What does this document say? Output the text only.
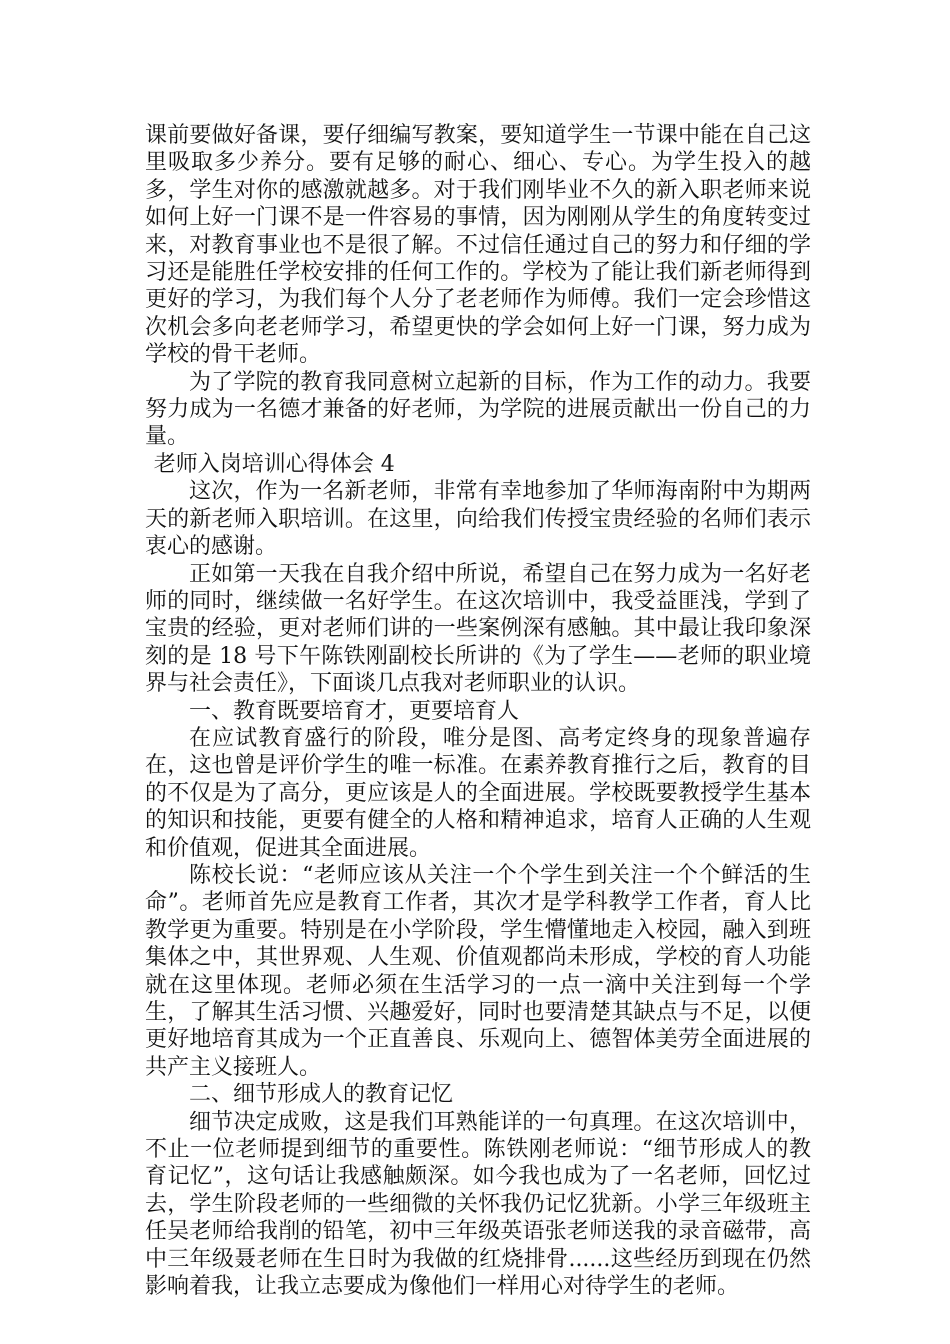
课前要做好备课，要仔细编写教案，要知道学生一节课中能在自己这里吸取多少养分。要有足够的耐心、细心、专心。为学生投入的越多，学生对你的感激就越多。对于我们刚毕业不久的新入职老师来说如何上好一门课不是一件容易的事情，因为刚刚从学生的角度转变过来，对教育事业也不是很了解。不过信任通过自己的努力和仔细的学习还是能胜任学校安排的任何工作的。学校为了能让我们新老师得到更好的学习，为我们每个人分了老老师作为师傅。我们一定会珍惜这次机会多向老老师学习，希望更快的学会如何上好一门课，努力成为学校的骨干老师。

为了学院的教育我同意树立起新的目标，作为工作的动力。我要努力成为一名德才兼备的好老师，为学院的进展贡献出一份自己的力量。

老师入岗培训心得体会 4

这次，作为一名新老师，非常有幸地参加了华师海南附中为期两天的新老师入职培训。在这里，向给我们传授宝贵经验的名师们表示衷心的感谢。

正如第一天我在自我介绍中所说，希望自己在努力成为一名好老师的同时，继续做一名好学生。在这次培训中，我受益匪浅，学到了宝贵的经验，更对老师们讲的一些案例深有感触。其中最让我印象深刻的是 18 号下午陈铁刚副校长所讲的《为了学生——老师的职业境界与社会责任》，下面谈几点我对老师职业的认识。

一、教育既要培育才，更要培育人

在应试教育盛行的阶段，唯分是图、高考定终身的现象普遍存在，这也曾是评价学生的唯一标准。在素养教育推行之后，教育的目的不仅是为了高分，更应该是人的全面进展。学校既要教授学生基本的知识和技能，更要有健全的人格和精神追求，培育人正确的人生观和价值观，促进其全面进展。

陈校长说：“老师应该从关注一个个学生到关注一个个鲜活的生命”。老师首先应是教育工作者，其次才是学科教学工作者，育人比教学更为重要。特别是在小学阶段，学生懵懂地走入校园，融入到班集体之中，其世界观、人生观、价值观都尚未形成，学校的育人功能就在这里体现。老师必须在生活学习的一点一滴中关注到每一个学生，了解其生活习惯、兴趣爱好，同时也要清楚其缺点与不足，以便更好地培育其成为一个正直善良、乐观向上、德智体美劳全面进展的共产主义接班人。

二、细节形成人的教育记忆

细节决定成败，这是我们耳熟能详的一句真理。在这次培训中，不止一位老师提到细节的重要性。陈铁刚老师说：“细节形成人的教育记忆”，这句话让我感触颇深。如今我也成为了一名老师，回忆过去，学生阶段老师的一些细微的关怀我仍记忆犹新。小学三年级班主任吴老师给我削的铅笔，初中三年级英语张老师送我的录音磁带，高中三年级聂老师在生日时为我做的红烧排骨......这些经历到现在仍然影响着我，让我立志要成为像他们一样用心对待学生的老师。
